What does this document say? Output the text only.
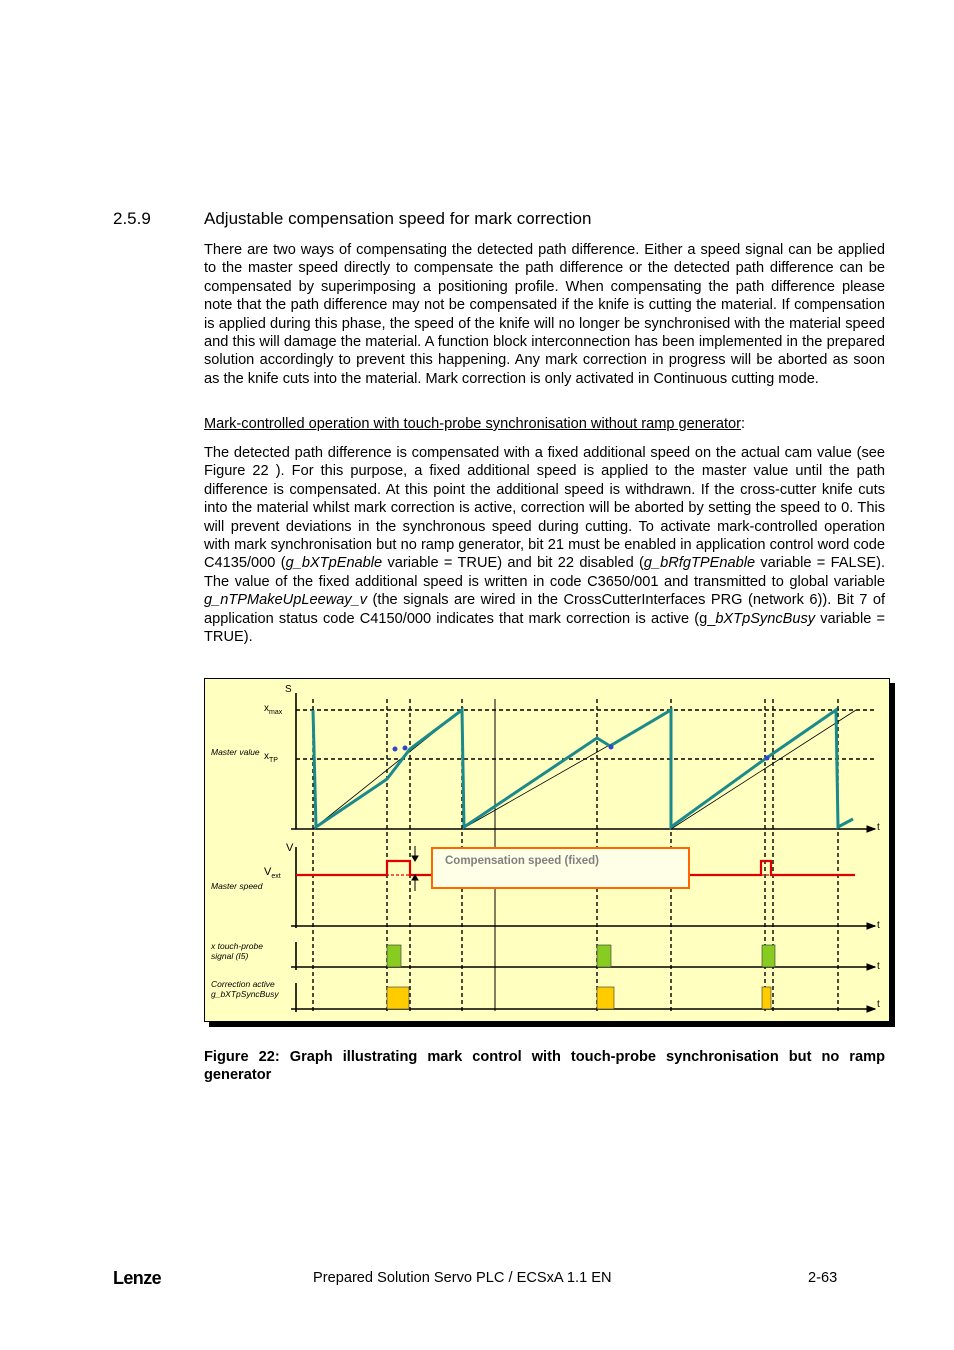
2.5.9	Adjustable compensation speed for mark correction

There are two ways of compensating the detected path difference. Either a speed signal can be applied to the master speed directly to compensate the path difference or the detected path difference can be compensated by superimposing a positioning profile. When compensating the path difference please note that the path difference may not be compensated if the knife is cutting the material. If compensation is applied during this phase, the speed of the knife will no longer be synchronised with the material speed and this will damage the material. A function block interconnection has been implemented in the prepared solution accordingly to prevent this happening. Any mark correction in progress will be aborted as soon as the knife cuts into the material. Mark correction is only activated in Continuous cutting mode.

Mark-controlled operation with touch-probe synchronisation without ramp generator:

The detected path difference is compensated with a fixed additional speed on the actual cam value (see Figure 22 ). For this purpose, a fixed additional speed is applied to the master value until the path difference is compensated. At this point the additional speed is withdrawn. If the cross-cutter knife cuts into the material whilst mark correction is active, correction will be aborted by setting the speed to 0. This will prevent deviations in the synchronous speed during cutting. To activate mark-controlled operation with mark synchronisation but no ramp generator, bit 21 must be enabled in application control word code C4135/000 (g_bXTpEnable variable = TRUE) and bit 22 disabled (g_bRfgTPEnable variable = FALSE). The value of the fixed additional speed is written in code C3650/001 and transmitted to global variable g_nTPMakeUpLeeway_v (the signals are wired in the CrossCutterInterfaces PRG (network 6)). Bit 7 of application status code C4150/000 indicates that mark correction is active (g_bXTpSyncBusy variable = TRUE).

S
$x_{max}$
Master value $x_{TP}$
V
$V_{ext}$
Master speed
x touch-probe
signal (I5)
Correction active
g_bXTpSyncBusy
t
t
t
t
Compensation speed (fixed)
Figure 22: Graph illustrating mark control with touch-probe synchronisation but no ramp generator
Lenze	Prepared Solution Servo PLC / ECSxA 1.1 EN	2-63
